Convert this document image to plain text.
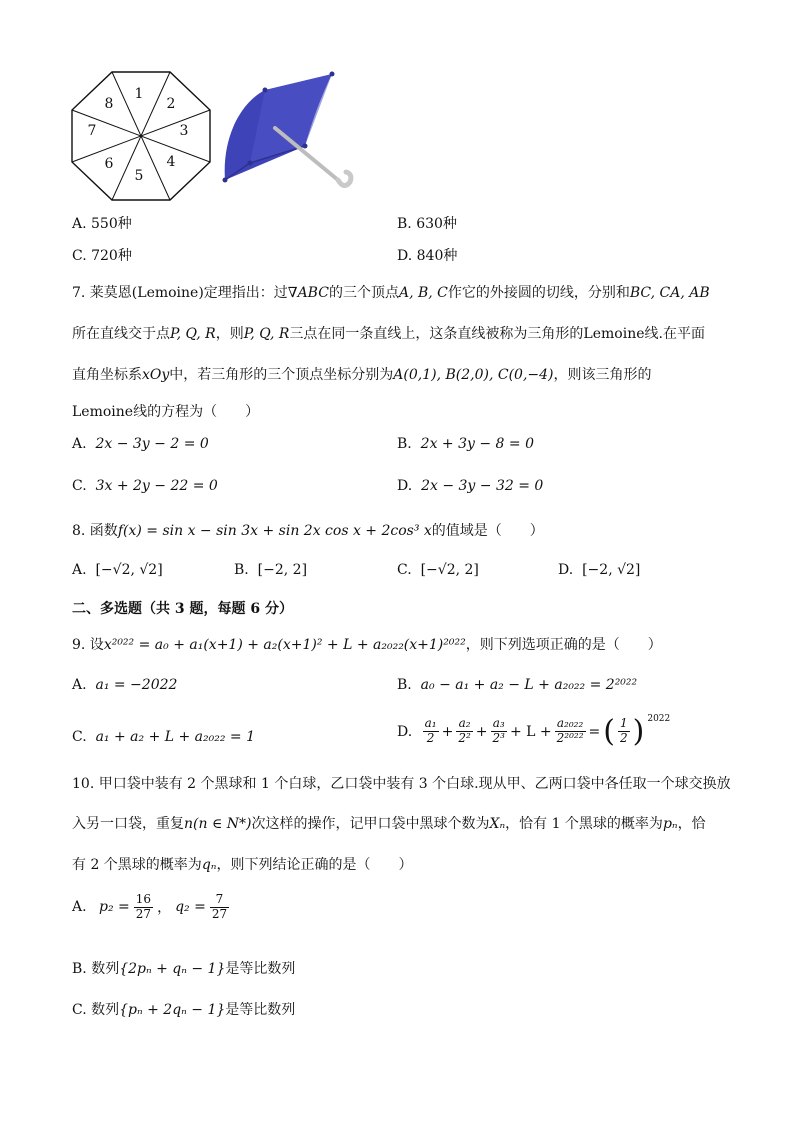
1
2
3
4
5
6
7
8
A. 550种	B. 630种
C. 720种	D. 840种
7. 莱莫恩(Lemoine)定理指出：过∇ABC的三个顶点A, B, C作它的外接圆的切线，分别和BC, CA, AB
所在直线交于点P, Q, R，则P, Q, R三点在同一条直线上，这条直线被称为三角形的Lemoine线.在平面
直角坐标系xOy中，若三角形的三个顶点坐标分别为A(0,1), B(2,0), C(0,−4)，则该三角形的
Lemoine线的方程为（　　）
A. 2x − 3y − 2 = 0	B. 2x + 3y − 8 = 0
C. 3x + 2y − 22 = 0	D. 2x − 3y − 32 = 0
8. 函数f(x) = sin x − sin 3x + sin 2x cos x + 2cos³ x的值域是（　　）
A. [−√2, √2]	B. [−2, 2]	C. [−√2, 2]	D. [−2, √2]
二、多选题（共 3 题，每题 6 分）
9. 设x²⁰²² = a₀ + a₁(x+1) + a₂(x+1)² + L + a₂₀₂₂(x+1)²⁰²²，则下列选项正确的是（　　）
A. a₁ = −2022	B. a₀ − a₁ + a₂ − L + a₂₀₂₂ = 2²⁰²²
C. a₁ + a₂ + L + a₂₀₂₂ = 1	D.
$\frac{\text{a₁}}{2} + \frac{\text{a₂}}{\text{2²}} + \frac{\text{a₃}}{\text{2³}} + L + \frac{\text{a₂₀₂₂}}{\text{2²⁰²²}}$ = ( $\frac{1}{2}$ ) $^{2022}$
10. 甲口袋中装有 2 个黑球和 1 个白球，乙口袋中装有 3 个白球.现从甲、乙两口袋中各任取一个球交换放
入另一口袋，重复n(n ∈ N*)次这样的操作，记甲口袋中黑球个数为Xₙ，恰有 1 个黑球的概率为pₙ，恰
有 2 个黑球的概率为qₙ，则下列结论正确的是（　　）
A.
$p_2 = \frac{16}{27}$ ， $q_2 = \frac{7}{27}$
B. 数列{2pₙ + qₙ − 1}是等比数列
C. 数列{pₙ + 2qₙ − 1}是等比数列
